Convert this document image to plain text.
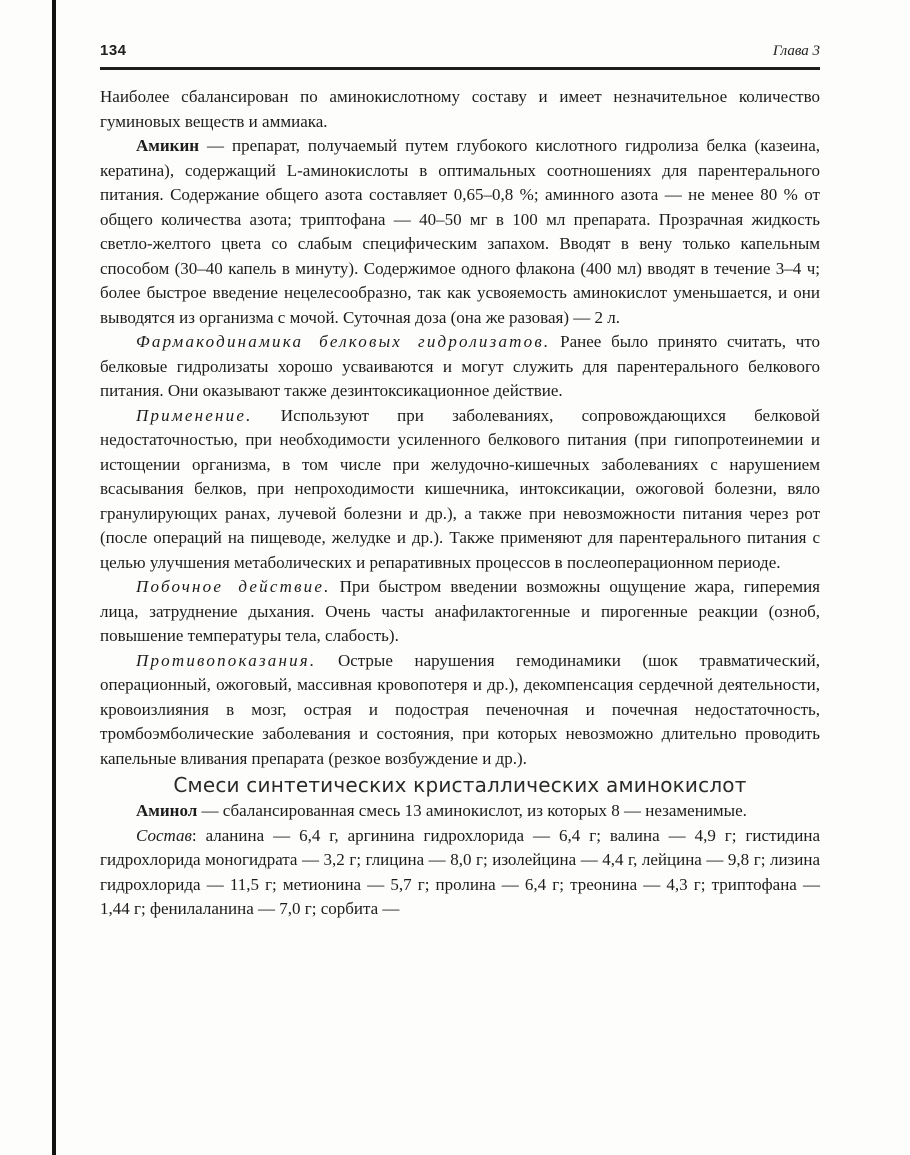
134	Глава 3

Наиболее сбалансирован по аминокислотному составу и имеет незначительное количество гуминовых веществ и аммиака.

Амикин — препарат, получаемый путем глубокого кислотного гидролиза белка (казеина, кератина), содержащий L-аминокислоты в оптимальных соотношениях для парентерального питания. Содержание общего азота составляет 0,65–0,8 %; аминного азота — не менее 80 % от общего количества азота; триптофана — 40–50 мг в 100 мл препарата. Прозрачная жидкость светло-желтого цвета со слабым специфическим запахом. Вводят в вену только капельным способом (30–40 капель в минуту). Содержимое одного флакона (400 мл) вводят в течение 3–4 ч; более быстрое введение нецелесообразно, так как усвояемость аминокислот уменьшается, и они выводятся из организма с мочой. Суточная доза (она же разовая) — 2 л.

Фармакодинамика белковых гидролизатов. Ранее было принято считать, что белковые гидролизаты хорошо усваиваются и могут служить для парентерального белкового питания. Они оказывают также дезинтоксикационное действие.

Применение. Используют при заболеваниях, сопровождающихся белковой недостаточностью, при необходимости усиленного белкового питания (при гипопротеинемии и истощении организма, в том числе при желудочно-кишечных заболеваниях с нарушением всасывания белков, при непроходимости кишечника, интоксикации, ожоговой болезни, вяло гранулирующих ранах, лучевой болезни и др.), а также при невозможности питания через рот (после операций на пищеводе, желудке и др.). Также применяют для парентерального питания с целью улучшения метаболических и репаративных процессов в послеоперационном периоде.

Побочное действие. При быстром введении возможны ощущение жара, гиперемия лица, затруднение дыхания. Очень часты анафилактогенные и пирогенные реакции (озноб, повышение температуры тела, слабость).

Противопоказания. Острые нарушения гемодинамики (шок травматический, операционный, ожоговый, массивная кровопотеря и др.), декомпенсация сердечной деятельности, кровоизлияния в мозг, острая и подострая печеночная и почечная недостаточность, тромбоэмболические заболевания и состояния, при которых невозможно длительно проводить капельные вливания препарата (резкое возбуждение и др.).

Смеси синтетических кристаллических аминокислот

Аминол — сбалансированная смесь 13 аминокислот, из которых 8 — незаменимые.

Состав: аланина — 6,4 г, аргинина гидрохлорида — 6,4 г; валина — 4,9 г; гистидина гидрохлорида моногидрата — 3,2 г; глицина — 8,0 г; изолейцина — 4,4 г, лейцина — 9,8 г; лизина гидрохлорида — 11,5 г; метионина — 5,7 г; пролина — 6,4 г; треонина — 4,3 г; триптофана — 1,44 г; фенилаланина — 7,0 г; сорбита —
